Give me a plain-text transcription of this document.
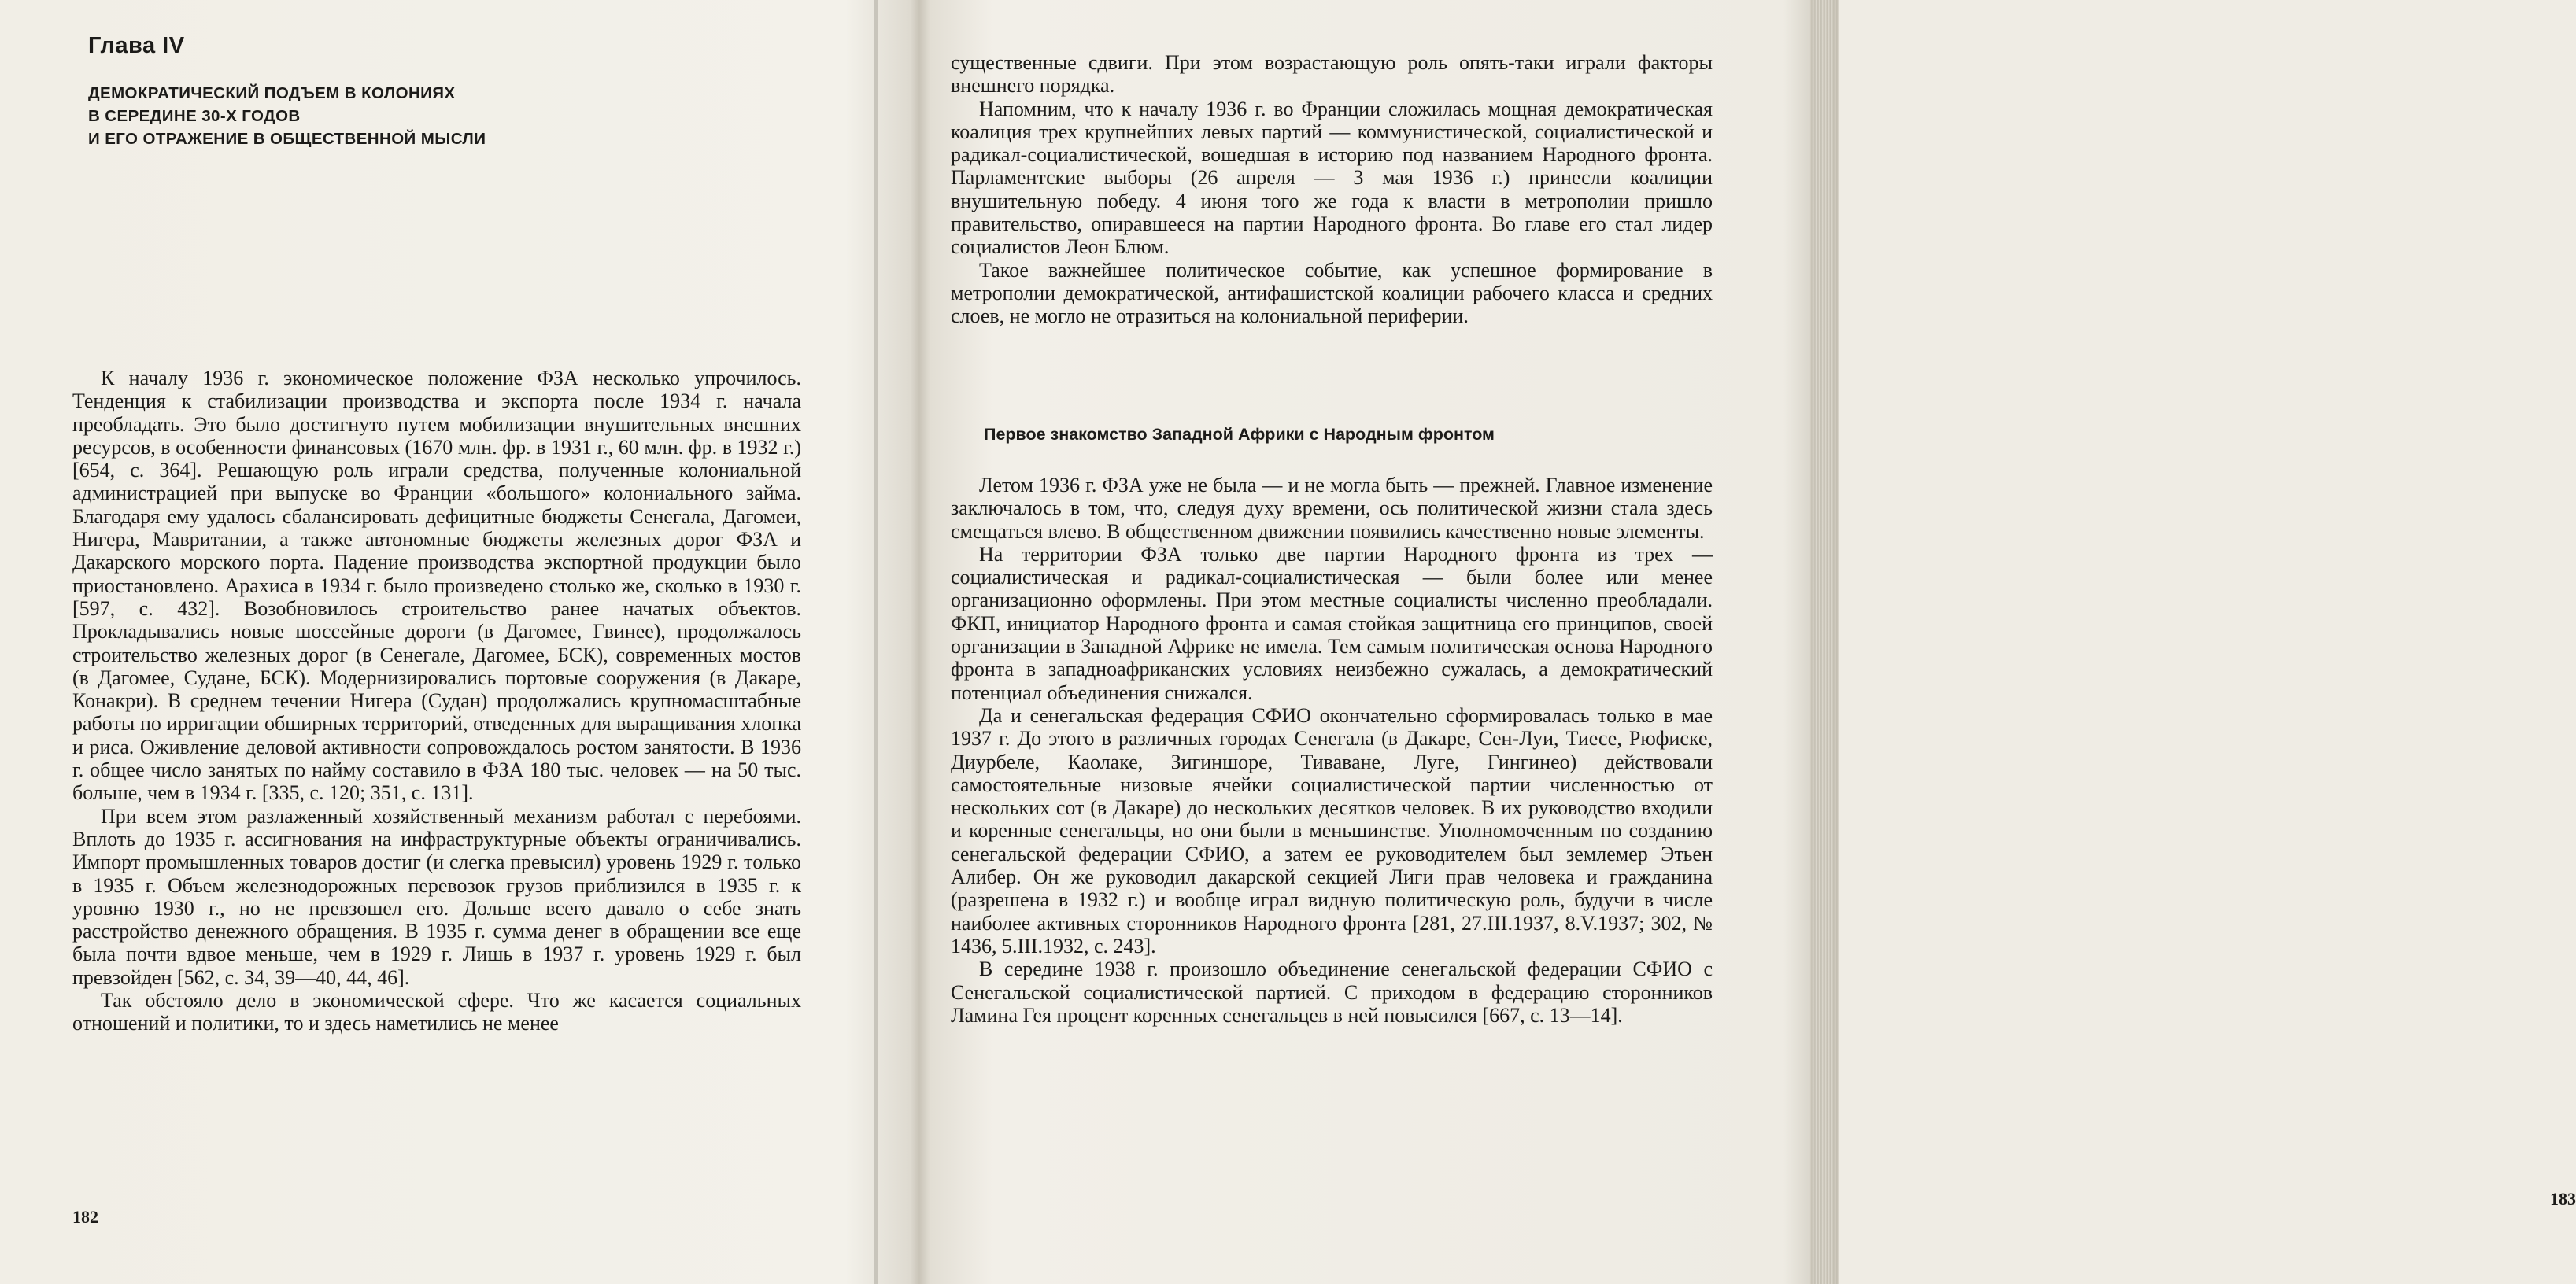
Глава IV
ДЕМОКРАТИЧЕСКИЙ ПОДЪЕМ В КОЛОНИЯХ
В СЕРЕДИНЕ 30-Х ГОДОВ
И ЕГО ОТРАЖЕНИЕ В ОБЩЕСТВЕННОЙ МЫСЛИ

К началу 1936 г. экономическое положение ФЗА несколько упрочилось. Тенденция к стабилизации производства и экспорта после 1934 г. начала преобладать. Это было достигнуто путем мобилизации внушительных внешних ресурсов, в особенности финансовых (1670 млн. фр. в 1931 г., 60 млн. фр. в 1932 г.) [654, с. 364]. Решающую роль играли средства, полученные колониальной администрацией при выпуске во Франции «большого» колониального займа. Благодаря ему удалось сбалансировать дефицитные бюджеты Сенегала, Дагомеи, Нигера, Мавритании, а также автономные бюджеты железных дорог ФЗА и Дакарского морского порта. Падение производства экспортной продукции было приостановлено. Арахиса в 1934 г. было произведено столько же, сколько в 1930 г. [597, с. 432]. Возобновилось строительство ранее начатых объектов. Прокладывались новые шоссейные дороги (в Дагомее, Гвинее), продолжалось строительство железных дорог (в Сенегале, Дагомее, БСК), современных мостов (в Дагомее, Судане, БСК). Модернизировались портовые сооружения (в Дакаре, Конакри). В среднем течении Нигера (Судан) продолжались крупномасштабные работы по ирригации обширных территорий, отведенных для выращивания хлопка и риса. Оживление деловой активности сопровождалось ростом занятости. В 1936 г. общее число занятых по найму составило в ФЗА 180 тыс. человек — на 50 тыс. больше, чем в 1934 г. [335, с. 120; 351, с. 131].

При всем этом разлаженный хозяйственный механизм работал с перебоями. Вплоть до 1935 г. ассигнования на инфраструктурные объекты ограничивались. Импорт промышленных товаров достиг (и слегка превысил) уровень 1929 г. только в 1935 г. Объем железнодорожных перевозок грузов приблизился в 1935 г. к уровню 1930 г., но не превзошел его. Дольше всего давало о себе знать расстройство денежного обращения. В 1935 г. сумма денег в обращении все еще была почти вдвое меньше, чем в 1929 г. Лишь в 1937 г. уровень 1929 г. был превзойден [562, с. 34, 39—40, 44, 46].

Так обстояло дело в экономической сфере. Что же касается социальных отношений и политики, то и здесь наметились не менее

182

существенные сдвиги. При этом возрастающую роль опять-таки играли факторы внешнего порядка.

Напомним, что к началу 1936 г. во Франции сложилась мощная демократическая коалиция трех крупнейших левых партий — коммунистической, социалистической и радикал-социалистической, вошедшая в историю под названием Народного фронта. Парламентские выборы (26 апреля — 3 мая 1936 г.) принесли коалиции внушительную победу. 4 июня того же года к власти в метрополии пришло правительство, опиравшееся на партии Народного фронта. Во главе его стал лидер социалистов Леон Блюм.

Такое важнейшее политическое событие, как успешное формирование в метрополии демократической, антифашистской коалиции рабочего класса и средних слоев, не могло не отразиться на колониальной периферии.

Первое знакомство Западной Африки с Народным фронтом

Летом 1936 г. ФЗА уже не была — и не могла быть — прежней. Главное изменение заключалось в том, что, следуя духу времени, ось политической жизни стала здесь смещаться влево. В общественном движении появились качественно новые элементы.

На территории ФЗА только две партии Народного фронта из трех — социалистическая и радикал-социалистическая — были более или менее организационно оформлены. При этом местные социалисты численно преобладали. ФКП, инициатор Народного фронта и самая стойкая защитница его принципов, своей организации в Западной Африке не имела. Тем самым политическая основа Народного фронта в западноафриканских условиях неизбежно сужалась, а демократический потенциал объединения снижался.

Да и сенегальская федерация СФИО окончательно сформировалась только в мае 1937 г. До этого в различных городах Сенегала (в Дакаре, Сен-Луи, Тиесе, Рюфиске, Диурбеле, Каолаке, Зигиншоре, Тиваване, Луге, Гингинео) действовали самостоятельные низовые ячейки социалистической партии численностью от нескольких сот (в Дакаре) до нескольких десятков человек. В их руководство входили и коренные сенегальцы, но они были в меньшинстве. Уполномоченным по созданию сенегальской федерации СФИО, а затем ее руководителем был землемер Этьен Алибер. Он же руководил дакарской секцией Лиги прав человека и гражданина (разрешена в 1932 г.) и вообще играл видную политическую роль, будучи в числе наиболее активных сторонников Народного фронта [281, 27.III.1937, 8.V.1937; 302, № 1436, 5.III.1932, с. 243].

В середине 1938 г. произошло объединение сенегальской федерации СФИО с Сенегальской социалистической партией. С приходом в федерацию сторонников Ламина Гея процент коренных сенегальцев в ней повысился [667, с. 13—14].

183
